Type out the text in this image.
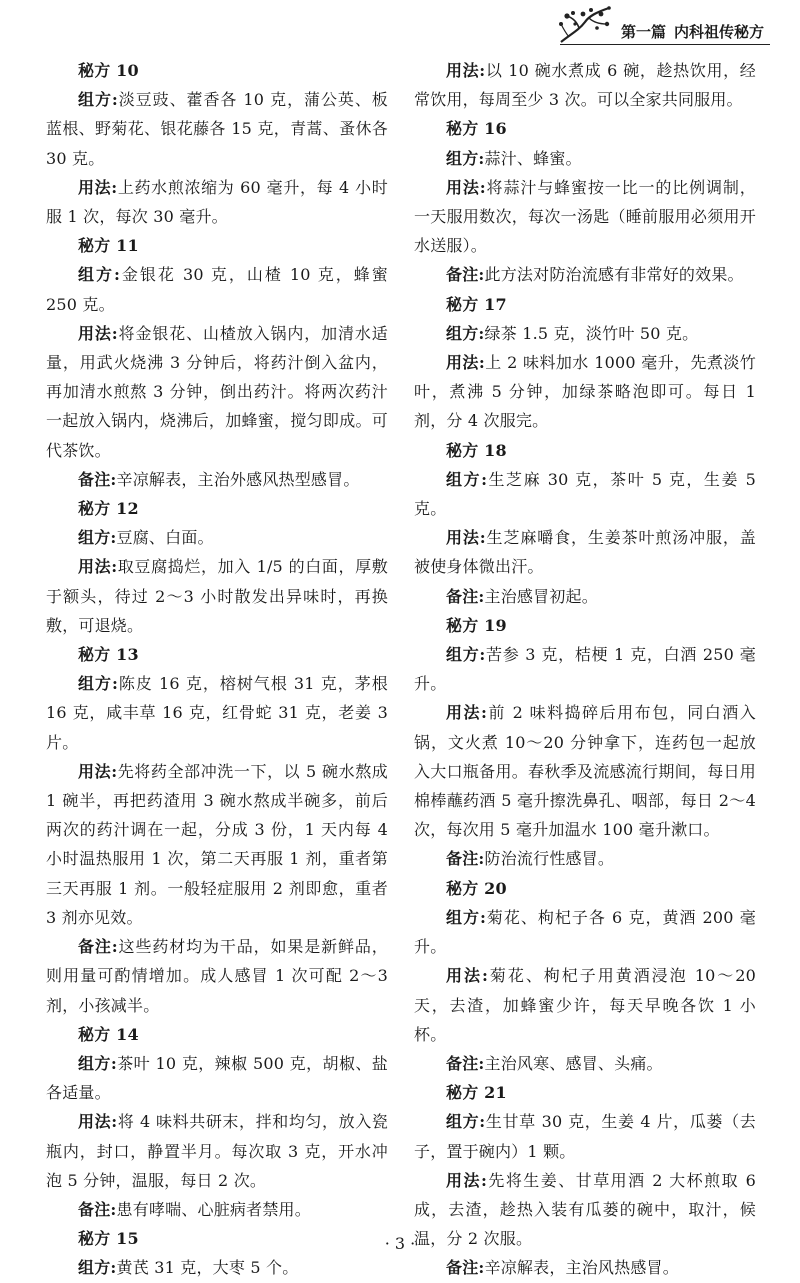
第一篇 内科祖传秘方

秘方 10

组方:淡豆豉、藿香各 10 克，蒲公英、板蓝根、野菊花、银花藤各 15 克，青蒿、蚤休各 30 克。

用法:上药水煎浓缩为 60 毫升，每 4 小时服 1 次，每次 30 毫升。

秘方 11

组方:金银花 30 克，山楂 10 克，蜂蜜 250 克。

用法:将金银花、山楂放入锅内，加清水适量，用武火烧沸 3 分钟后，将药汁倒入盆内，再加清水煎熬 3 分钟，倒出药汁。将两次药汁一起放入锅内，烧沸后，加蜂蜜，搅匀即成。可代茶饮。

备注:辛凉解表，主治外感风热型感冒。

秘方 12

组方:豆腐、白面。

用法:取豆腐捣烂，加入 1/5 的白面，厚敷于额头，待过 2～3 小时散发出异味时，再换敷，可退烧。

秘方 13

组方:陈皮 16 克，榕树气根 31 克，茅根 16 克，咸丰草 16 克，红骨蛇 31 克，老姜 3 片。

用法:先将药全部冲洗一下，以 5 碗水熬成 1 碗半，再把药渣用 3 碗水熬成半碗多，前后两次的药汁调在一起，分成 3 份，1 天内每 4 小时温热服用 1 次，第二天再服 1 剂，重者第三天再服 1 剂。一般轻症服用 2 剂即愈，重者 3 剂亦见效。

备注:这些药材均为干品，如果是新鲜品，则用量可酌情增加。成人感冒 1 次可配 2～3剂，小孩减半。

秘方 14

组方:茶叶 10 克，辣椒 500 克，胡椒、盐各适量。

用法:将 4 味料共研末，拌和均匀，放入瓷瓶内，封口，静置半月。每次取 3 克，开水冲泡 5 分钟，温服，每日 2 次。

备注:患有哮喘、心脏病者禁用。

秘方 15

组方:黄芪 31 克，大枣 5 个。

用法:以 10 碗水煮成 6 碗，趁热饮用，经常饮用，每周至少 3 次。可以全家共同服用。

秘方 16

组方:蒜汁、蜂蜜。

用法:将蒜汁与蜂蜜按一比一的比例调制，一天服用数次，每次一汤匙（睡前服用必须用开水送服）。

备注:此方法对防治流感有非常好的效果。

秘方 17

组方:绿茶 1.5 克，淡竹叶 50 克。

用法:上 2 味料加水 1000 毫升，先煮淡竹叶，煮沸 5 分钟，加绿茶略泡即可。每日 1 剂，分 4 次服完。

秘方 18

组方:生芝麻 30 克，茶叶 5 克，生姜 5 克。

用法:生芝麻嚼食，生姜茶叶煎汤冲服，盖被使身体微出汗。

备注:主治感冒初起。

秘方 19

组方:苦参 3 克，桔梗 1 克，白酒 250 毫升。

用法:前 2 味料捣碎后用布包，同白酒入锅，文火煮 10～20 分钟拿下，连药包一起放入大口瓶备用。春秋季及流感流行期间，每日用棉棒蘸药酒 5 毫升擦洗鼻孔、咽部，每日 2～4 次，每次用 5 毫升加温水 100 毫升漱口。

备注:防治流行性感冒。

秘方 20

组方:菊花、枸杞子各 6 克，黄酒 200 毫升。

用法:菊花、枸杞子用黄酒浸泡 10～20 天，去渣，加蜂蜜少许，每天早晚各饮 1 小杯。

备注:主治风寒、感冒、头痛。

秘方 21

组方:生甘草 30 克，生姜 4 片，瓜蒌（去子，置于碗内）1 颗。

用法:先将生姜、甘草用酒 2 大杯煎取 6 成，去渣，趁热入装有瓜蒌的碗中，取汁，候温，分 2 次服。

备注:辛凉解表，主治风热感冒。

· 3 ·
